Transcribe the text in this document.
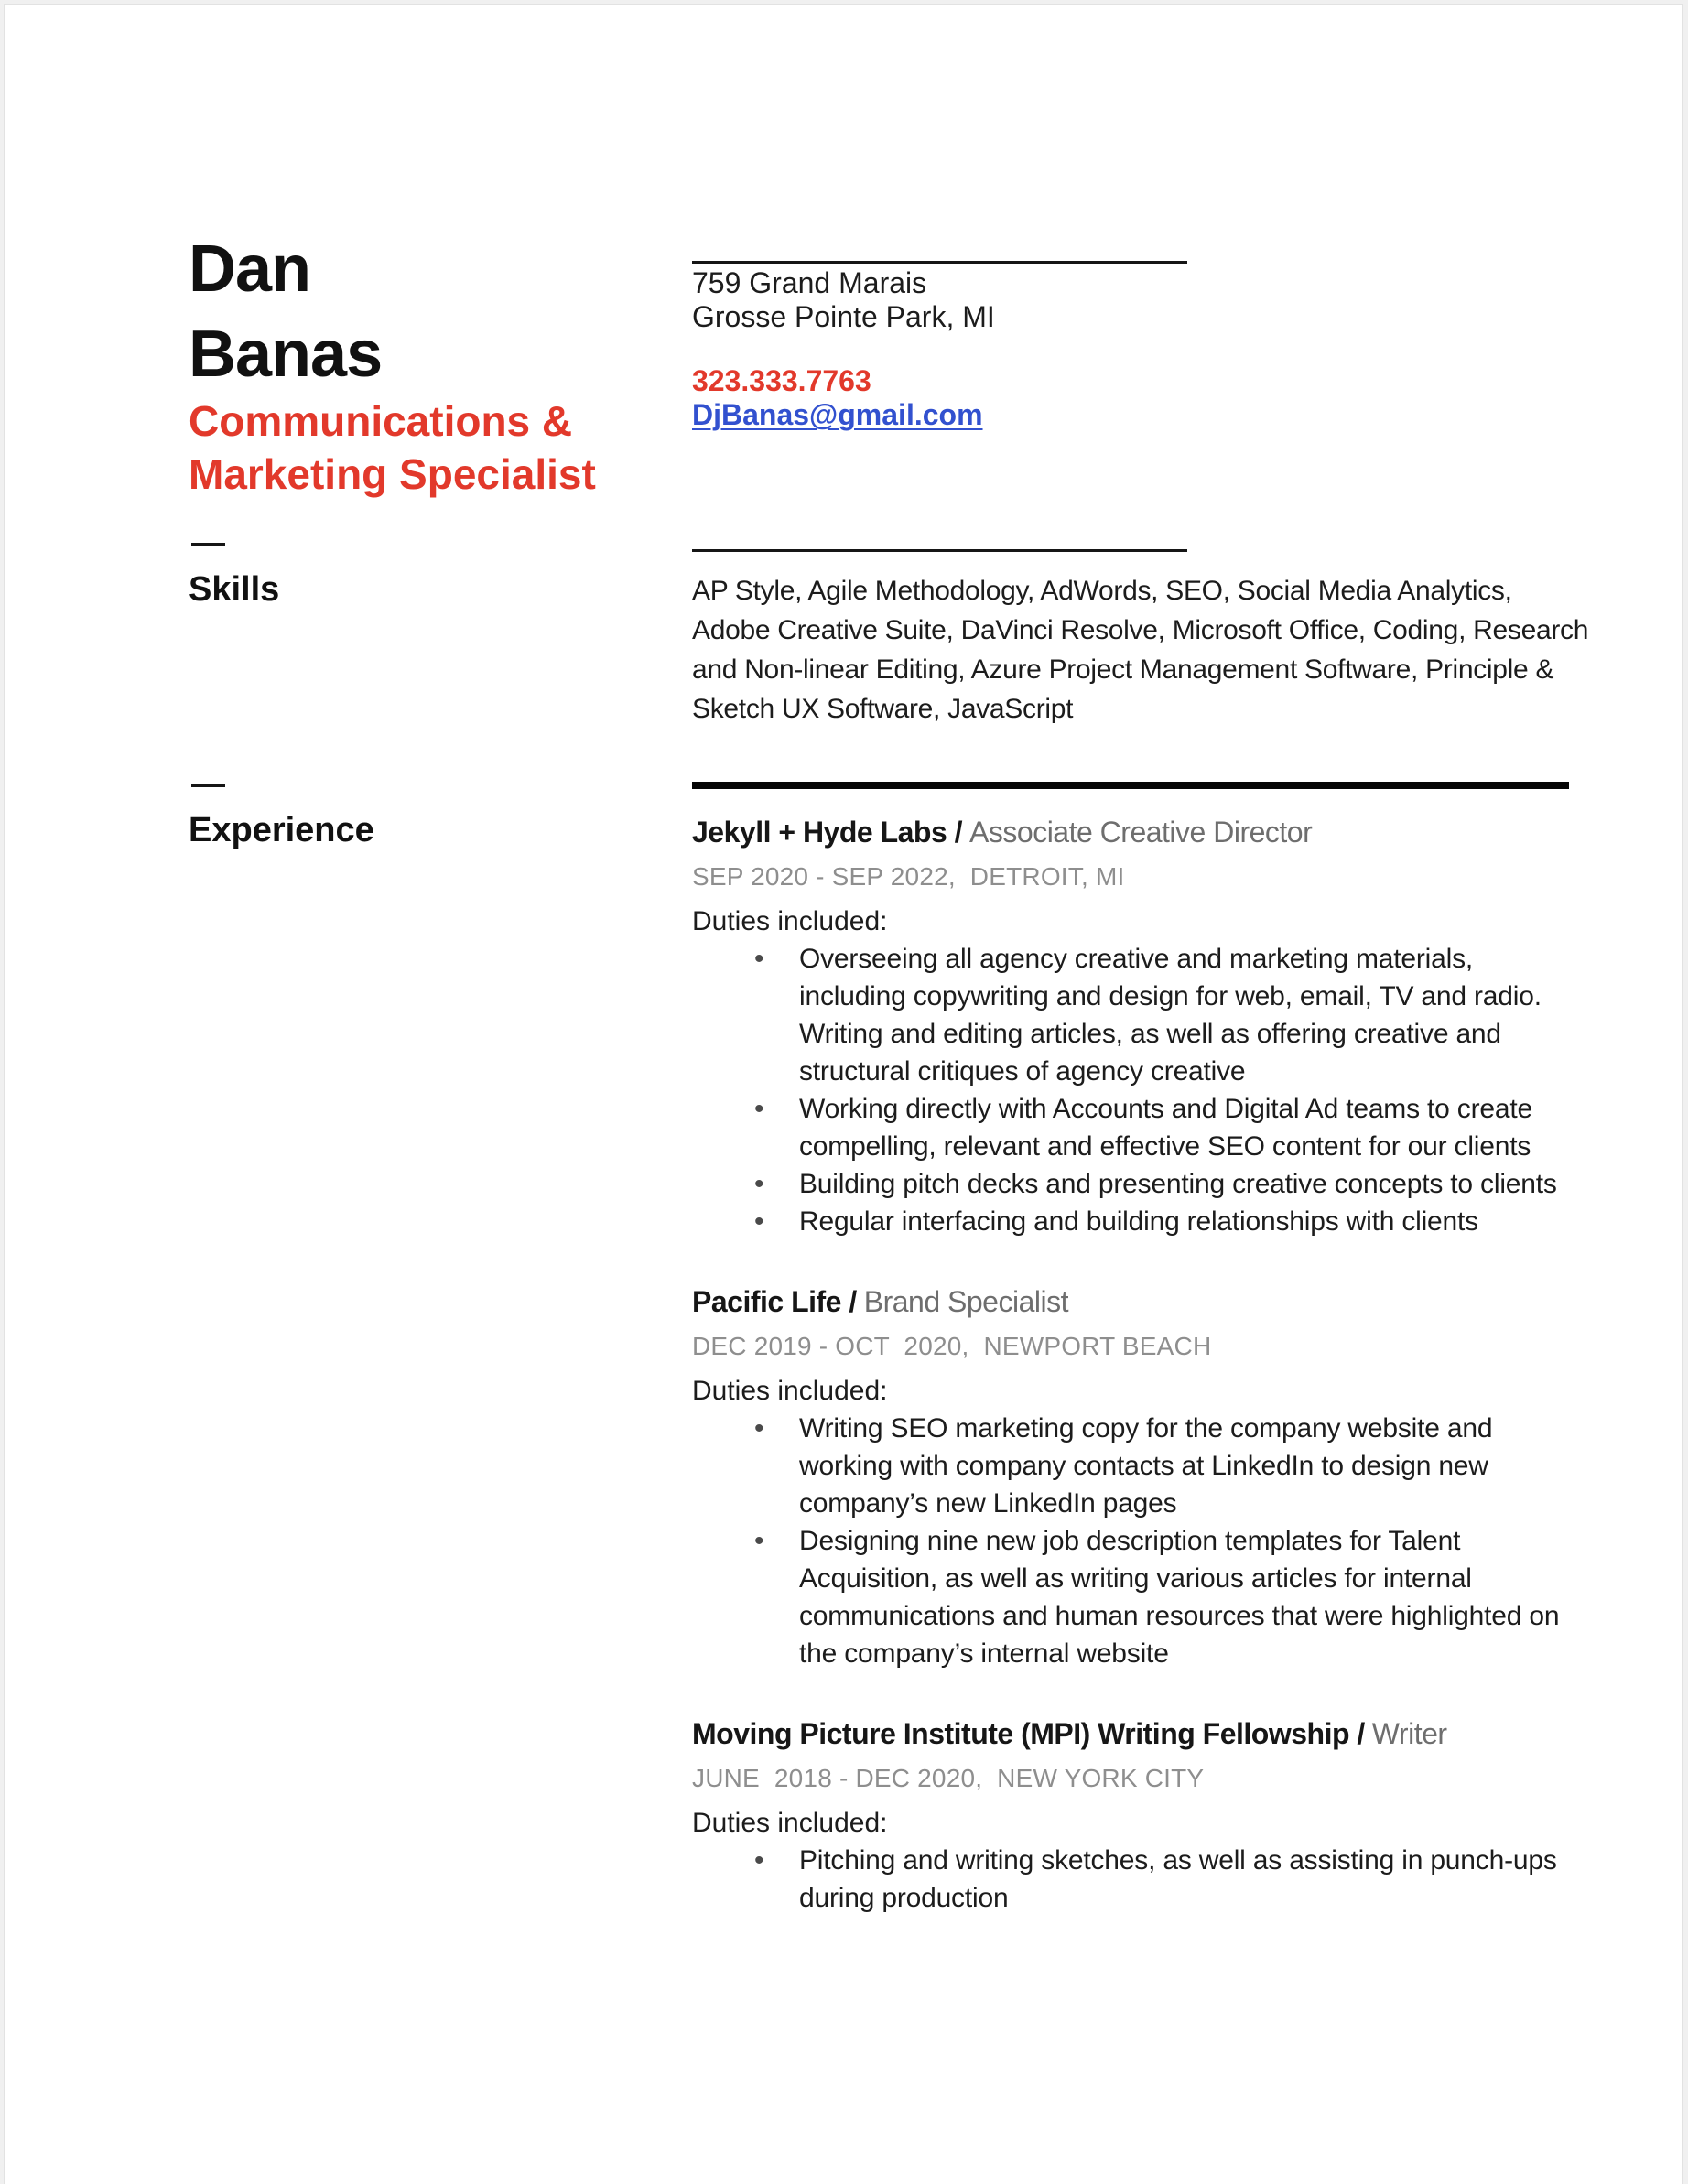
Dan
Banas
Communications & Marketing Specialist
Skills
Experience
759 Grand Marais
Grosse Pointe Park, MI
323.333.7763
DjBanas@gmail.com
AP Style, Agile Methodology, AdWords, SEO, Social Media Analytics, Adobe Creative Suite, DaVinci Resolve, Microsoft Office, Coding, Research and Non-linear Editing, Azure Project Management Software, Principle & Sketch UX Software, JavaScript
Jekyll + Hyde Labs / Associate Creative Director
SEP 2020 - SEP 2022,  DETROIT, MI
Duties included:
• Overseeing all agency creative and marketing materials, including copywriting and design for web, email, TV and radio. Writing and editing articles, as well as offering creative and structural critiques of agency creative
• Working directly with Accounts and Digital Ad teams to create compelling, relevant and effective SEO content for our clients
• Building pitch decks and presenting creative concepts to clients
• Regular interfacing and building relationships with clients
Pacific Life / Brand Specialist
DEC 2019 - OCT  2020,  NEWPORT BEACH
Duties included:
• Writing SEO marketing copy for the company website and working with company contacts at LinkedIn to design new company’s new LinkedIn pages
• Designing nine new job description templates for Talent Acquisition, as well as writing various articles for internal communications and human resources that were highlighted on the company’s internal website
Moving Picture Institute (MPI) Writing Fellowship / Writer
JUNE  2018 - DEC 2020,  NEW YORK CITY
Duties included:
• Pitching and writing sketches, as well as assisting in punch-ups during production
